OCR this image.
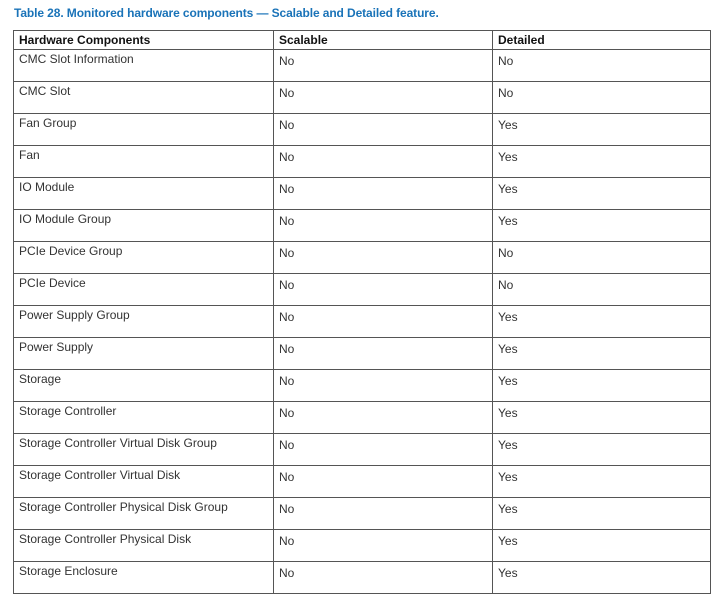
Table 28. Monitored hardware components — Scalable and Detailed feature.
Hardware Components	Scalable	Detailed

CMC Slot Information	No	No

CMC Slot	No	No

Fan Group	No	Yes

Fan	No	Yes

IO Module	No	Yes

IO Module Group	No	Yes

PCIe Device Group	No	No

PCIe Device	No	No

Power Supply Group	No	Yes

Power Supply	No	Yes

Storage	No	Yes

Storage Controller	No	Yes

Storage Controller Virtual Disk Group	No	Yes

Storage Controller Virtual Disk	No	Yes

Storage Controller Physical Disk Group	No	Yes

Storage Controller Physical Disk	No	Yes

Storage Enclosure	No	Yes
